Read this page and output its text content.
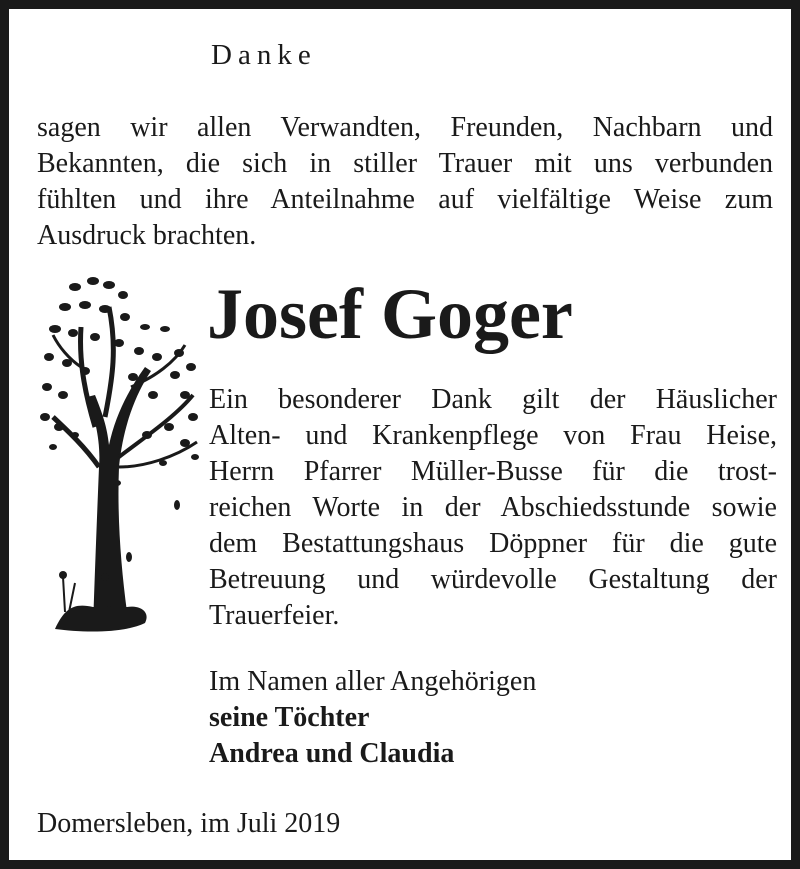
Danke
sagen wir allen Verwandten, Freunden, Nachbarn und
Bekannten, die sich in stiller Trauer mit uns verbunden
fühlten und ihre Anteilnahme auf vielfältige Weise zum
Ausdruck brachten.
Josef Goger
Ein besonderer Dank gilt der Häuslicher
Alten- und Krankenpflege von Frau Heise,
Herrn Pfarrer Müller-Busse für die trost-
reichen Worte in der Abschiedsstunde sowie
dem Bestattungshaus Döppner für die gute
Betreuung und würdevolle Gestaltung der
Trauerfeier.
Im Namen aller Angehörigen
seine Töchter
Andrea und Claudia
Domersleben, im Juli 2019
